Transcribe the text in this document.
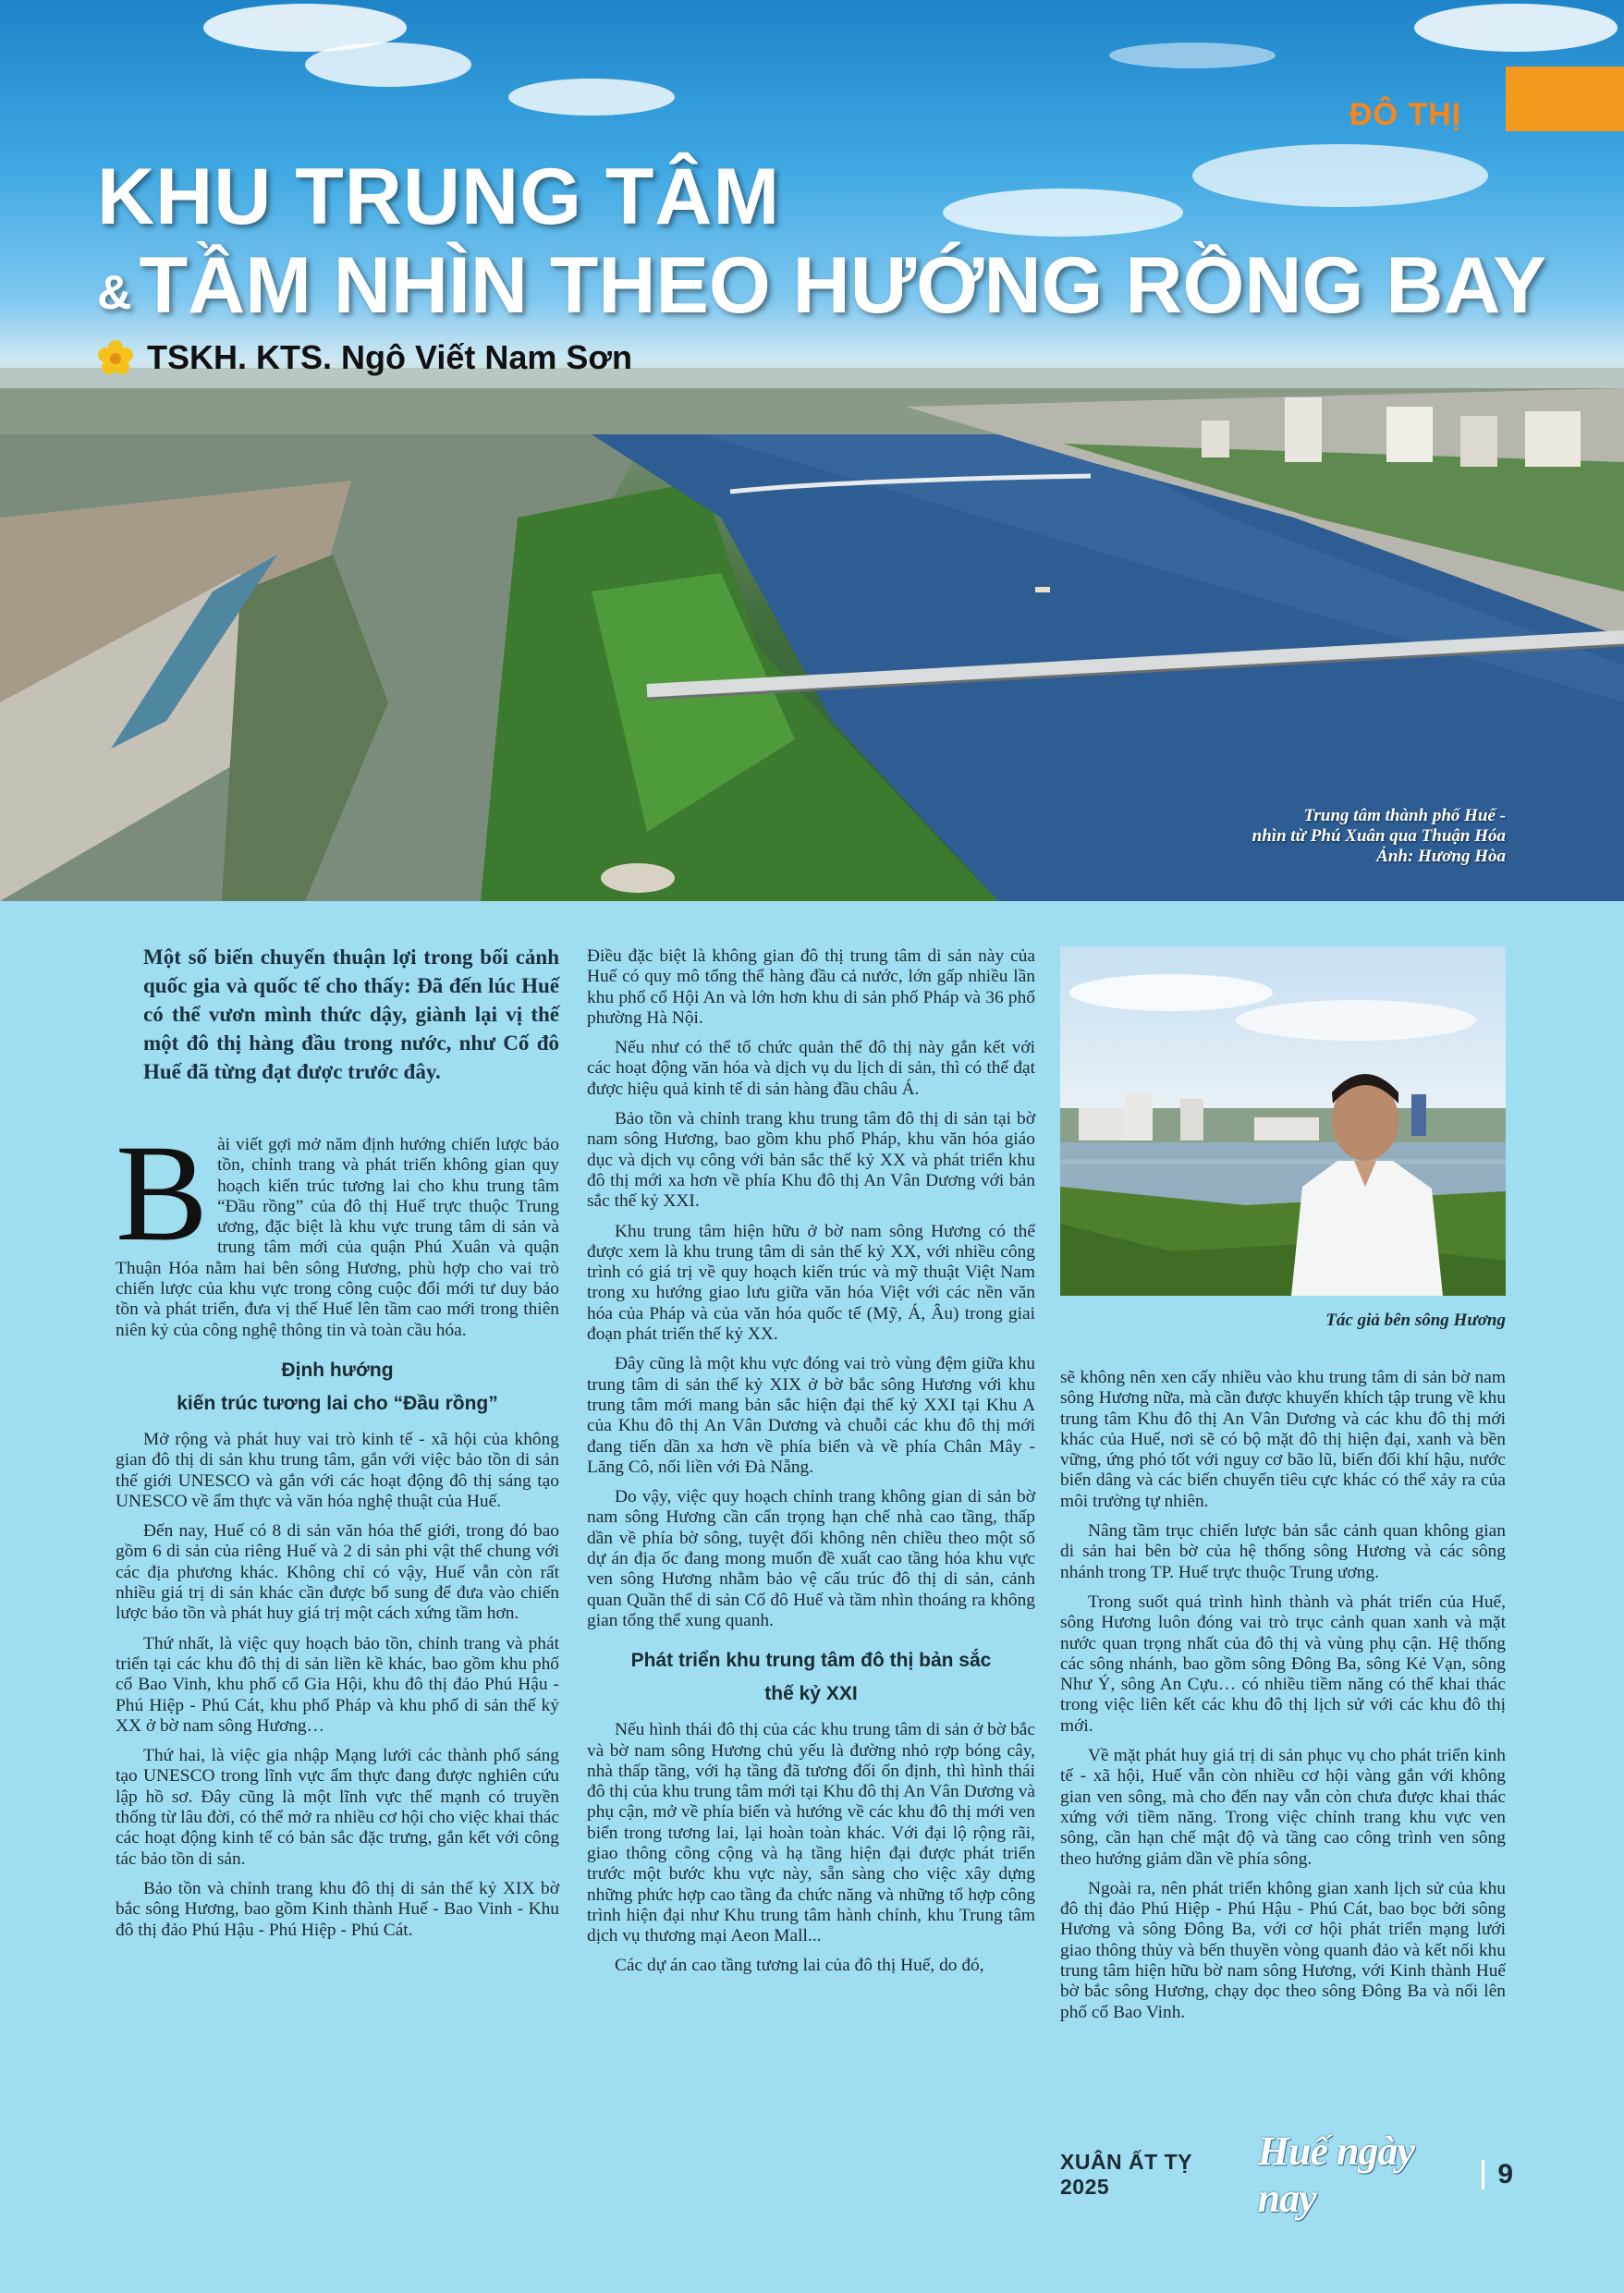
ĐÔ THỊ
KHU TRUNG TÂM
&TẦM NHÌN THEO HƯỚNG RỒNG BAY
TSKH. KTS. Ngô Viết Nam Sơn
Trung tâm thành phố Huế -
nhìn từ Phú Xuân qua Thuận Hóa
Ảnh: Hương Hòa
Một số biến chuyển thuận lợi trong bối cảnh quốc gia và quốc tế cho thấy: Đã đến lúc Huế có thể vươn mình thức dậy, giành lại vị thế một đô thị hàng đầu trong nước, như Cố đô Huế đã từng đạt được trước đây.

Bài viết gợi mở năm định hướng chiến lược bảo tồn, chỉnh trang và phát triển không gian quy hoạch kiến trúc tương lai cho khu trung tâm “Đầu rồng” của đô thị Huế trực thuộc Trung ương, đặc biệt là khu vực trung tâm di sản và trung tâm mới của quận Phú Xuân và quận Thuận Hóa nằm hai bên sông Hương, phù hợp cho vai trò chiến lược của khu vực trong công cuộc đổi mới tư duy bảo tồn và phát triển, đưa vị thế Huế lên tầm cao mới trong thiên niên kỷ của công nghệ thông tin và toàn cầu hóa.

Định hướng
kiến trúc tương lai cho “Đầu rồng”

Mở rộng và phát huy vai trò kinh tế - xã hội của không gian đô thị di sản khu trung tâm, gắn với việc bảo tồn di sản thế giới UNESCO và gắn với các hoạt động đô thị sáng tạo UNESCO về ẩm thực và văn hóa nghệ thuật của Huế.

Đến nay, Huế có 8 di sản văn hóa thế giới, trong đó bao gồm 6 di sản của riêng Huế và 2 di sản phi vật thể chung với các địa phương khác. Không chỉ có vậy, Huế vẫn còn rất nhiều giá trị di sản khác cần được bổ sung để đưa vào chiến lược bảo tồn và phát huy giá trị một cách xứng tầm hơn.

Thứ nhất, là việc quy hoạch bảo tồn, chỉnh trang và phát triển tại các khu đô thị di sản liền kề khác, bao gồm khu phố cổ Bao Vinh, khu phố cổ Gia Hội, khu đô thị đảo Phú Hậu - Phú Hiệp - Phú Cát, khu phố Pháp và khu phố di sản thế kỷ XX ở bờ nam sông Hương…

Thứ hai, là việc gia nhập Mạng lưới các thành phố sáng tạo UNESCO trong lĩnh vực ẩm thực đang được nghiên cứu lập hồ sơ. Đây cũng là một lĩnh vực thế mạnh có truyền thống từ lâu đời, có thể mở ra nhiều cơ hội cho việc khai thác các hoạt động kinh tế có bản sắc đặc trưng, gắn kết với công tác bảo tồn di sản.

Bảo tồn và chỉnh trang khu đô thị di sản thế kỷ XIX bờ bắc sông Hương, bao gồm Kinh thành Huế - Bao Vinh - Khu đô thị đảo Phú Hậu - Phú Hiệp - Phú Cát.

Điều đặc biệt là không gian đô thị trung tâm di sản này của Huế có quy mô tổng thể hàng đầu cả nước, lớn gấp nhiều lần khu phố cổ Hội An và lớn hơn khu di sản phố Pháp và 36 phố phường Hà Nội.

Nếu như có thể tổ chức quản thể đô thị này gắn kết với các hoạt động văn hóa và dịch vụ du lịch di sản, thì có thể đạt được hiệu quả kinh tế di sản hàng đầu châu Á.

Bảo tồn và chỉnh trang khu trung tâm đô thị di sản tại bờ nam sông Hương, bao gồm khu phố Pháp, khu văn hóa giáo dục và dịch vụ công với bản sắc thế kỷ XX và phát triển khu đô thị mới xa hơn về phía Khu đô thị An Vân Dương với bản sắc thế kỷ XXI.

Khu trung tâm hiện hữu ở bờ nam sông Hương có thể được xem là khu trung tâm di sản thế kỷ XX, với nhiều công trình có giá trị về quy hoạch kiến trúc và mỹ thuật Việt Nam trong xu hướng giao lưu giữa văn hóa Việt với các nền văn hóa của Pháp và của văn hóa quốc tế (Mỹ, Á, Âu) trong giai đoạn phát triển thế kỷ XX.

Đây cũng là một khu vực đóng vai trò vùng đệm giữa khu trung tâm di sản thế kỷ XIX ở bờ bắc sông Hương với khu trung tâm mới mang bản sắc hiện đại thế kỷ XXI tại Khu A của Khu đô thị An Vân Dương và chuỗi các khu đô thị mới đang tiến dần xa hơn về phía biển và về phía Chân Mây - Lăng Cô, nối liền với Đà Nẵng.

Do vậy, việc quy hoạch chỉnh trang không gian di sản bờ nam sông Hương cần cẩn trọng hạn chế nhà cao tầng, thấp dần về phía bờ sông, tuyệt đối không nên chiều theo một số dự án địa ốc đang mong muốn đề xuất cao tầng hóa khu vực ven sông Hương nhằm bảo vệ cấu trúc đô thị di sản, cảnh quan Quần thể di sản Cố đô Huế và tầm nhìn thoáng ra không gian tổng thể xung quanh.

Phát triển khu trung tâm đô thị bản sắc
thế kỷ XXI

Nếu hình thái đô thị của các khu trung tâm di sản ở bờ bắc và bờ nam sông Hương chủ yếu là đường nhỏ rợp bóng cây, nhà thấp tầng, với hạ tầng đã tương đối ổn định, thì hình thái đô thị của khu trung tâm mới tại Khu đô thị An Vân Dương và phụ cận, mở về phía biển và hướng về các khu đô thị mới ven biển trong tương lai, lại hoàn toàn khác. Với đại lộ rộng rãi, giao thông công cộng và hạ tầng hiện đại được phát triển trước một bước khu vực này, sẵn sàng cho việc xây dựng những phức hợp cao tầng đa chức năng và những tổ hợp công trình hiện đại như Khu trung tâm hành chính, khu Trung tâm dịch vụ thương mại Aeon Mall...

Các dự án cao tầng tương lai của đô thị Huế, do đó,

Tác giả bên sông Hương

sẽ không nên xen cấy nhiều vào khu trung tâm di sản bờ nam sông Hương nữa, mà cần được khuyến khích tập trung về khu trung tâm Khu đô thị An Vân Dương và các khu đô thị mới khác của Huế, nơi sẽ có bộ mặt đô thị hiện đại, xanh và bền vững, ứng phó tốt với nguy cơ bão lũ, biến đổi khí hậu, nước biển dâng và các biến chuyển tiêu cực khác có thể xảy ra của môi trường tự nhiên.

Nâng tầm trục chiến lược bản sắc cảnh quan không gian di sản hai bên bờ của hệ thống sông Hương và các sông nhánh trong TP. Huế trực thuộc Trung ương.

Trong suốt quá trình hình thành và phát triển của Huế, sông Hương luôn đóng vai trò trục cảnh quan xanh và mặt nước quan trọng nhất của đô thị và vùng phụ cận. Hệ thống các sông nhánh, bao gồm sông Đông Ba, sông Kẻ Vạn, sông Như Ý, sông An Cựu… có nhiều tiềm năng có thể khai thác trong việc liên kết các khu đô thị lịch sử với các khu đô thị mới.

Về mặt phát huy giá trị di sản phục vụ cho phát triển kinh tế - xã hội, Huế vẫn còn nhiều cơ hội vàng gắn với không gian ven sông, mà cho đến nay vẫn còn chưa được khai thác xứng với tiềm năng. Trong việc chỉnh trang khu vực ven sông, cần hạn chế mật độ và tầng cao công trình ven sông theo hướng giảm dần về phía sông.

Ngoài ra, nên phát triển không gian xanh lịch sử của khu đô thị đảo Phú Hiệp - Phú Hậu - Phú Cát, bao bọc bởi sông Hương và sông Đông Ba, với cơ hội phát triển mạng lưới giao thông thủy và bến thuyền vòng quanh đảo và kết nối khu trung tâm hiện hữu bờ nam sông Hương, với Kinh thành Huế bờ bắc sông Hương, chạy dọc theo sông Đông Ba và nối lên phố cổ Bao Vinh.

XUÂN ẤT TỴ 2025
Huế ngày nay
9
